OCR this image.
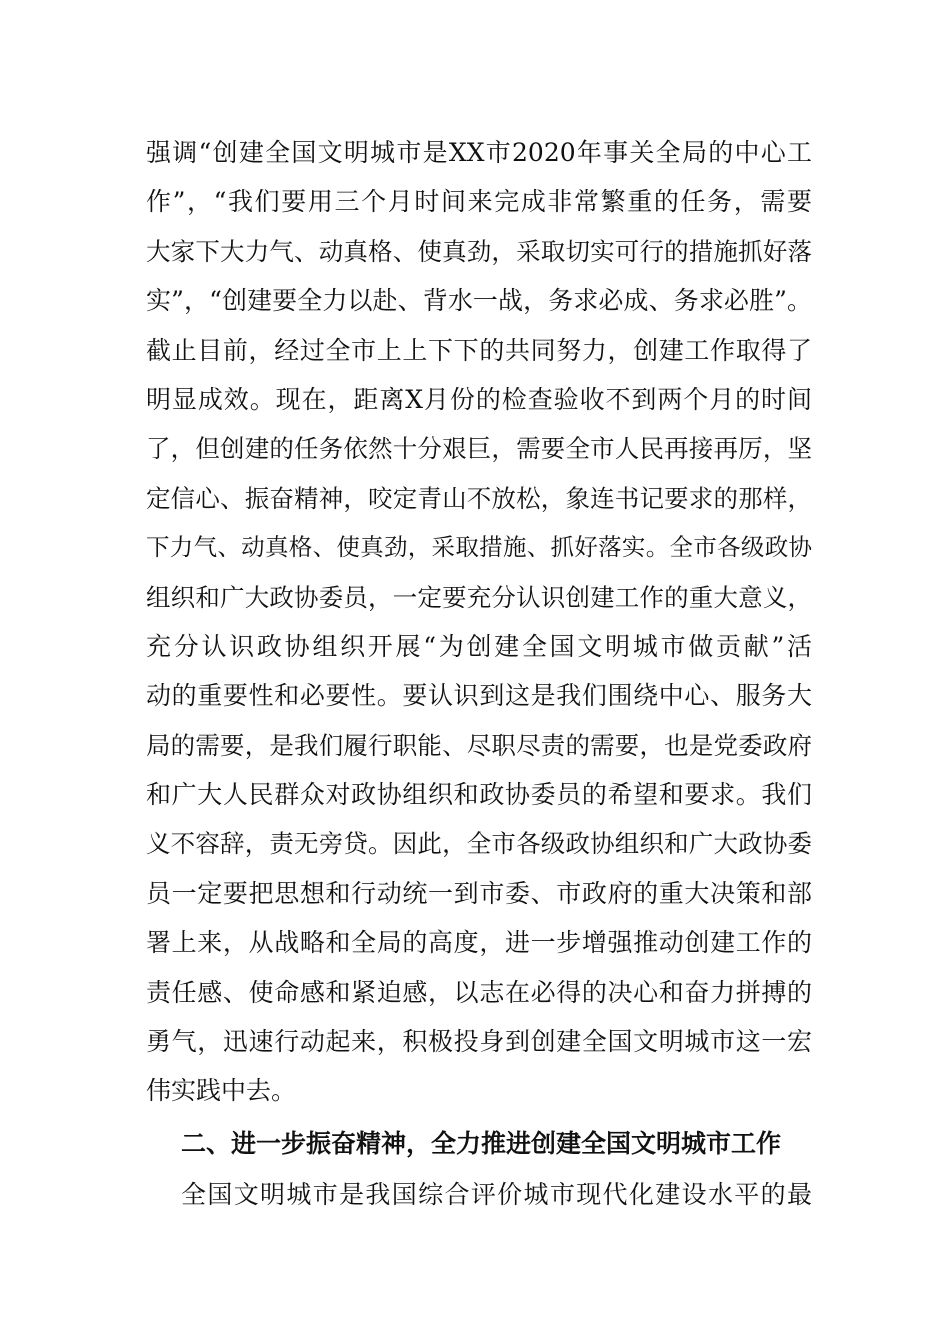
强调“创建全国文明城市是XX市2020年事关全局的中心工
作”，“我们要用三个月时间来完成非常繁重的任务，需要
大家下大力气、动真格、使真劲，采取切实可行的措施抓好落
实”，“创建要全力以赴、背水一战，务求必成、务求必胜”。
截止目前，经过全市上上下下的共同努力，创建工作取得了
明显成效。现在，距离X月份的检查验收不到两个月的时间
了，但创建的任务依然十分艰巨，需要全市人民再接再厉，坚
定信心、振奋精神，咬定青山不放松，象连书记要求的那样，
下力气、动真格、使真劲，采取措施、抓好落实。全市各级政协
组织和广大政协委员，一定要充分认识创建工作的重大意义，
充分认识政协组织开展“为创建全国文明城市做贡献”活
动的重要性和必要性。要认识到这是我们围绕中心、服务大
局的需要，是我们履行职能、尽职尽责的需要，也是党委政府
和广大人民群众对政协组织和政协委员的希望和要求。我们
义不容辞，责无旁贷。因此，全市各级政协组织和广大政协委
员一定要把思想和行动统一到市委、市政府的重大决策和部
署上来，从战略和全局的高度，进一步增强推动创建工作的
责任感、使命感和紧迫感，以志在必得的决心和奋力拼搏的
勇气，迅速行动起来，积极投身到创建全国文明城市这一宏
伟实践中去。
二、进一步振奋精神，全力推进创建全国文明城市工作
全国文明城市是我国综合评价城市现代化建设水平的最
